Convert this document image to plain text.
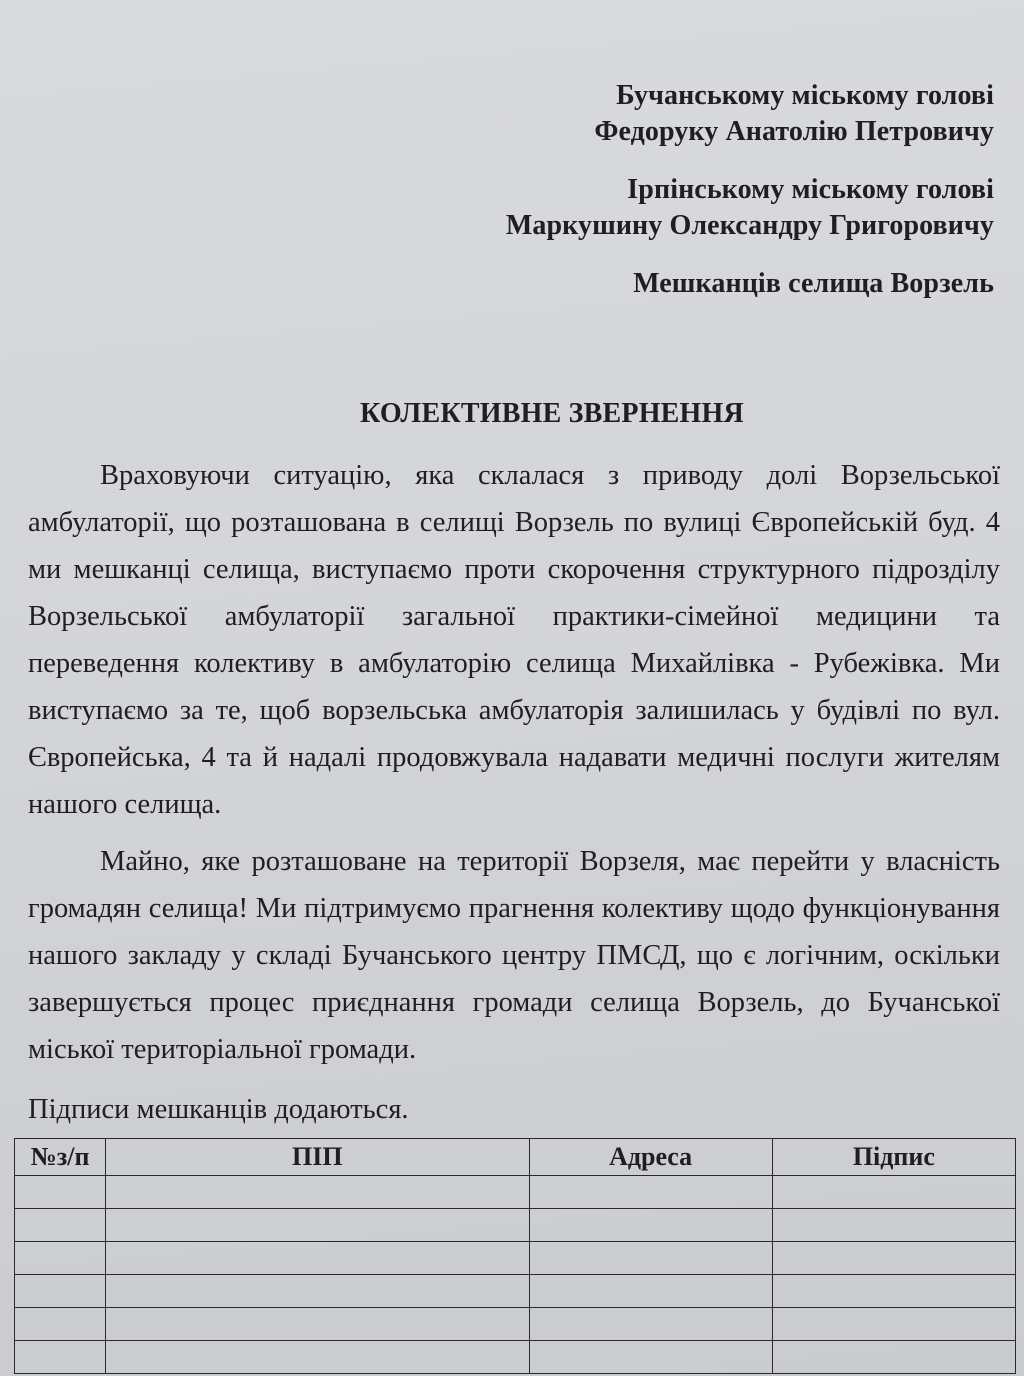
Бучанському міському голові
Федоруку Анатолію Петровичу
Ірпінському міському голові
Маркушину Олександру Григоровичу
Мешканців селища Ворзель
КОЛЕКТИВНЕ ЗВЕРНЕННЯ

Враховуючи ситуацію, яка склалася з приводу долі Ворзельської амбулаторії, що розташована в селищі Ворзель по вулиці Європейській буд. 4 ми мешканці селища, виступаємо проти скорочення структурного підрозділу Ворзельської амбулаторії загальної практики-сімейної медицини та переведення колективу в амбулаторію селища Михайлівка - Рубежівка. Ми виступаємо за те, щоб ворзельська амбулаторія залишилась у будівлі по вул. Європейська, 4 та й надалі продовжувала надавати медичні послуги жителям нашого селища.

Майно, яке розташоване на території Ворзеля, має перейти у власність громадян селища! Ми підтримуємо прагнення колективу щодо функціонування нашого закладу у складі Бучанського центру ПМСД, що є логічним, оскільки завершується процес приєднання громади селища Ворзель, до Бучанської міської територіальної громади.

Підписи мешканців додаються.
№з/п	ПІП	Адреса	Підпис
